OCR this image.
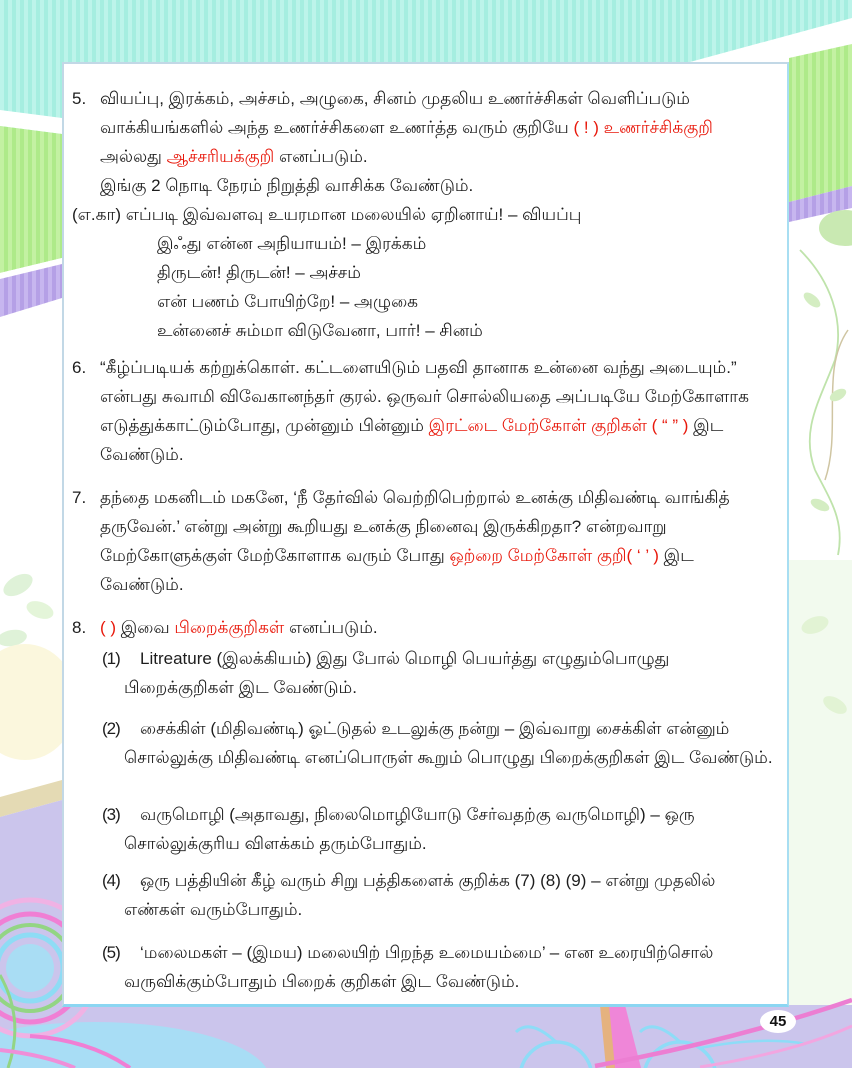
5. வியப்பு, இரக்கம், அச்சம், அழுகை, சினம் முதலிய உணர்ச்சிகள் வெளிப்படும்
வாக்கியங்களில் அந்த உணர்ச்சிகளை உணர்த்த வரும் குறியே ( ! ) உணர்ச்சிக்குறி
அல்லது ஆச்சரியக்குறி எனப்படும்.
இங்கு 2 நொடி நேரம் நிறுத்தி வாசிக்க வேண்டும்.
(எ.கா) எப்படி இவ்வளவு உயரமான மலையில் ஏறினாய்! – வியப்பு
இஃது என்ன அநியாயம்! – இரக்கம்
திருடன்! திருடன்! – அச்சம்
என் பணம் போயிற்றே! – அழுகை
உன்னைச் சும்மா விடுவேனா, பார்! – சினம்
6. “கீழ்ப்படியக் கற்றுக்கொள். கட்டளையிடும் பதவி தானாக உன்னை வந்து அடையும்.”
என்பது சுவாமி விவேகானந்தர் குரல். ஒருவர் சொல்லியதை அப்படியே மேற்கோளாக
எடுத்துக்காட்டும்போது, முன்னும் பின்னும் இரட்டை மேற்கோள் குறிகள் ( “ ” ) இட
வேண்டும்.
7. தந்தை மகனிடம் மகனே, ‘நீ தேர்வில் வெற்றிபெற்றால் உனக்கு மிதிவண்டி வாங்கித்
தருவேன்.’ என்று அன்று கூறியது உனக்கு நினைவு இருக்கிறதா? என்றவாறு
மேற்கோளுக்குள் மேற்கோளாக வரும் போது ஒற்றை மேற்கோள் குறி( ‘ ’ ) இட
வேண்டும்.
8. ( ) இவை பிறைக்குறிகள் எனப்படும்.
(1)	Litreature (இலக்கியம்) இது போல் மொழி பெயர்த்து எழுதும்பொழுது
பிறைக்குறிகள் இட வேண்டும்.
(2)	சைக்கிள் (மிதிவண்டி) ஓட்டுதல் உடலுக்கு நன்று – இவ்வாறு சைக்கிள் என்னும்
சொல்லுக்கு மிதிவண்டி எனப்பொருள் கூறும் பொழுது பிறைக்குறிகள் இட வேண்டும்.
(3)	வருமொழி (அதாவது, நிலைமொழியோடு சேர்வதற்கு வருமொழி) – ஒரு
சொல்லுக்குரிய விளக்கம் தரும்போதும்.
(4)	ஒரு பத்தியின் கீழ் வரும் சிறு பத்திகளைக் குறிக்க (7) (8) (9) – என்று முதலில்
எண்கள் வரும்போதும்.
(5)	‘மலைமகள் – (இமய) மலையிற் பிறந்த உமையம்மை’ – என உரையிற்சொல்
வருவிக்கும்போதும் பிறைக் குறிகள் இட வேண்டும்.
45
